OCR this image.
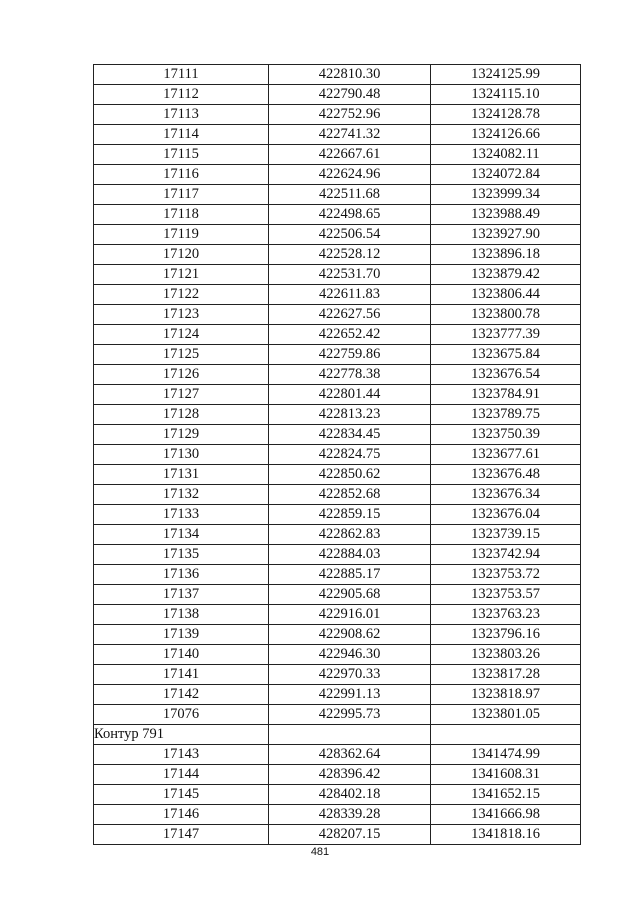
17111	422810.30	1324125.99
17112	422790.48	1324115.10
17113	422752.96	1324128.78
17114	422741.32	1324126.66
17115	422667.61	1324082.11
17116	422624.96	1324072.84
17117	422511.68	1323999.34
17118	422498.65	1323988.49
17119	422506.54	1323927.90
17120	422528.12	1323896.18
17121	422531.70	1323879.42
17122	422611.83	1323806.44
17123	422627.56	1323800.78
17124	422652.42	1323777.39
17125	422759.86	1323675.84
17126	422778.38	1323676.54
17127	422801.44	1323784.91
17128	422813.23	1323789.75
17129	422834.45	1323750.39
17130	422824.75	1323677.61
17131	422850.62	1323676.48
17132	422852.68	1323676.34
17133	422859.15	1323676.04
17134	422862.83	1323739.15
17135	422884.03	1323742.94
17136	422885.17	1323753.72
17137	422905.68	1323753.57
17138	422916.01	1323763.23
17139	422908.62	1323796.16
17140	422946.30	1323803.26
17141	422970.33	1323817.28
17142	422991.13	1323818.97
17076	422995.73	1323801.05
Контур 791		
17143	428362.64	1341474.99
17144	428396.42	1341608.31
17145	428402.18	1341652.15
17146	428339.28	1341666.98
17147	428207.15	1341818.16
481
